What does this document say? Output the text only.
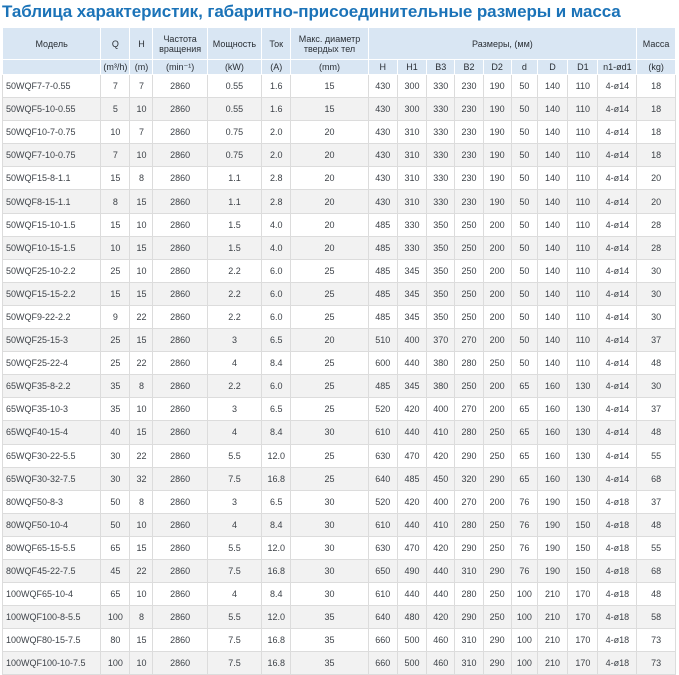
Таблица характеристик, габаритно-присоединительные размеры и масса
Модель	Q	H	Частота вращения	Мощность	Ток	Макс. диаметр твердых тел	Размеры, (мм)									Масса
	(m³/h)	(m)	(min⁻¹)	(kW)	(A)	(mm)	H	H1	B3	B2	D2	d	D	D1	n1-ød1	(kg)
50WQF7-7-0.55	7	7	2860	0.55	1.6	15	430	300	330	230	190	50	140	110	4-ø14	18
50WQF5-10-0.55	5	10	2860	0.55	1.6	15	430	300	330	230	190	50	140	110	4-ø14	18
50WQF10-7-0.75	10	7	2860	0.75	2.0	20	430	310	330	230	190	50	140	110	4-ø14	18
50WQF7-10-0.75	7	10	2860	0.75	2.0	20	430	310	330	230	190	50	140	110	4-ø14	18
50WQF15-8-1.1	15	8	2860	1.1	2.8	20	430	310	330	230	190	50	140	110	4-ø14	20
50WQF8-15-1.1	8	15	2860	1.1	2.8	20	430	310	330	230	190	50	140	110	4-ø14	20
50WQF15-10-1.5	15	10	2860	1.5	4.0	20	485	330	350	250	200	50	140	110	4-ø14	28
50WQF10-15-1.5	10	15	2860	1.5	4.0	20	485	330	350	250	200	50	140	110	4-ø14	28
50WQF25-10-2.2	25	10	2860	2.2	6.0	25	485	345	350	250	200	50	140	110	4-ø14	30
50WQF15-15-2.2	15	15	2860	2.2	6.0	25	485	345	350	250	200	50	140	110	4-ø14	30
50WQF9-22-2.2	9	22	2860	2.2	6.0	25	485	345	350	250	200	50	140	110	4-ø14	30
50WQF25-15-3	25	15	2860	3	6.5	20	510	400	370	270	200	50	140	110	4-ø14	37
50WQF25-22-4	25	22	2860	4	8.4	25	600	440	380	280	250	50	140	110	4-ø14	48
65WQF35-8-2.2	35	8	2860	2.2	6.0	25	485	345	380	250	200	65	160	130	4-ø14	30
65WQF35-10-3	35	10	2860	3	6.5	25	520	420	400	270	200	65	160	130	4-ø14	37
65WQF40-15-4	40	15	2860	4	8.4	30	610	440	410	280	250	65	160	130	4-ø14	48
65WQF30-22-5.5	30	22	2860	5.5	12.0	25	630	470	420	290	250	65	160	130	4-ø14	55
65WQF30-32-7.5	30	32	2860	7.5	16.8	25	640	485	450	320	290	65	160	130	4-ø14	68
80WQF50-8-3	50	8	2860	3	6.5	30	520	420	400	270	200	76	190	150	4-ø18	37
80WQF50-10-4	50	10	2860	4	8.4	30	610	440	410	280	250	76	190	150	4-ø18	48
80WQF65-15-5.5	65	15	2860	5.5	12.0	30	630	470	420	290	250	76	190	150	4-ø18	55
80WQF45-22-7.5	45	22	2860	7.5	16.8	30	650	490	440	310	290	76	190	150	4-ø18	68
100WQF65-10-4	65	10	2860	4	8.4	30	610	440	440	280	250	100	210	170	4-ø18	48
100WQF100-8-5.5	100	8	2860	5.5	12.0	35	640	480	420	290	250	100	210	170	4-ø18	58
100WQF80-15-7.5	80	15	2860	7.5	16.8	35	660	500	460	310	290	100	210	170	4-ø18	73
100WQF100-10-7.5	100	10	2860	7.5	16.8	35	660	500	460	310	290	100	210	170	4-ø18	73
